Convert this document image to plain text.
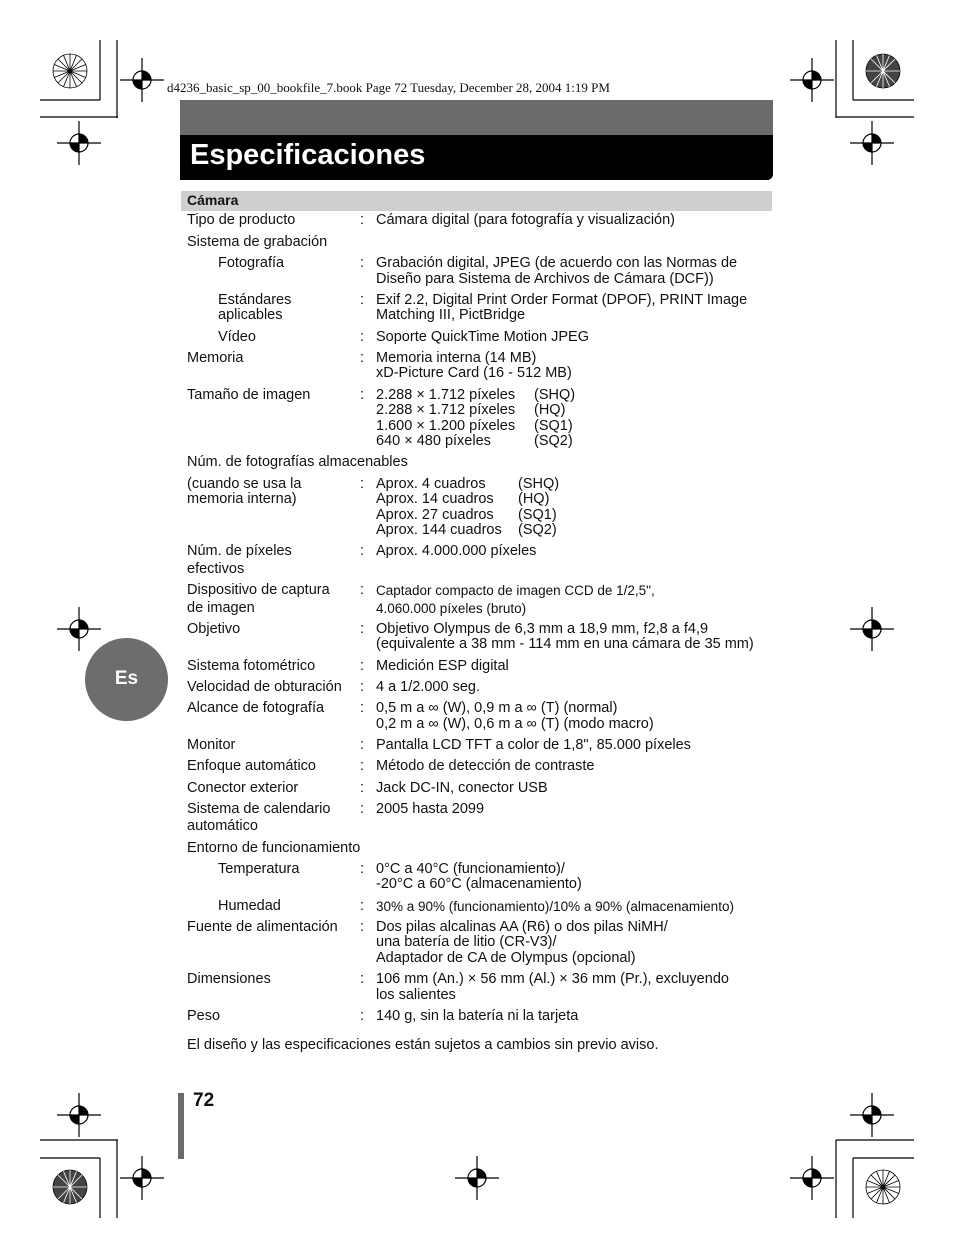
d4236_basic_sp_00_bookfile_7.book Page 72 Tuesday, December 28, 2004 1:19 PM
Especificaciones
Cámara
Tipo de producto	: Cámara digital (para fotografía y visualización)
Sistema de grabación
Fotografía	: Grabación digital, JPEG (de acuerdo con las Normas de
Diseño para Sistema de Archivos de Cámara (DCF))
Estándares
aplicables
: Exif 2.2, Digital Print Order Format (DPOF), PRINT Image
Matching III, PictBridge
Vídeo	: Soporte QuickTime Motion JPEG
Memoria	: Memoria interna (14 MB)
xD-Picture Card (16 - 512 MB)
Tamaño de imagen	: 2.288 × 1.712 píxeles (SHQ)
2.288 × 1.712 píxeles (HQ)
1.600 × 1.200 píxeles (SQ1)
640 × 480 píxeles	(SQ2)
Núm. de fotografías almacenables
(cuando se usa la
memoria interna)
: Aprox. 4 cuadros (SHQ)
Aprox. 14 cuadros (HQ)
Aprox. 27 cuadros (SQ1)
Aprox. 144 cuadros (SQ2)
Núm. de píxeles
efectivos
: Aprox. 4.000.000 píxeles
Dispositivo de captura
de imagen
: Captador compacto de imagen CCD de 1/2,5",
4.060.000 píxeles (bruto)
Objetivo	: Objetivo Olympus de 6,3 mm a 18,9 mm, f2,8 a f4,9
(equivalente a 38 mm - 114 mm en una cámara de 35 mm)
Sistema fotométrico	: Medición ESP digital
Velocidad de obturación : 4 a 1/2.000 seg.
Alcance de fotografía : 0,5 m a ∞ (W), 0,9 m a ∞ (T) (normal)
0,2 m a ∞ (W), 0,6 m a ∞ (T) (modo macro)
Monitor	: Pantalla LCD TFT a color de 1,8", 85.000 píxeles
Enfoque automático	: Método de detección de contraste
Conector exterior	: Jack DC-IN, conector USB
Sistema de calendario
automático
: 2005 hasta 2099
Entorno de funcionamiento
Temperatura	: 0°C a 40°C (funcionamiento)/
-20°C a 60°C (almacenamiento)
Humedad	: 30% a 90% (funcionamiento)/10% a 90% (almacenamiento)
Fuente de alimentación : Dos pilas alcalinas AA (R6) o dos pilas NiMH/
una batería de litio (CR-V3)/
Adaptador de CA de Olympus (opcional)
Dimensiones	: 106 mm (An.) × 56 mm (Al.) × 36 mm (Pr.), excluyendo
los salientes
Peso	: 140 g, sin la batería ni la tarjeta
El diseño y las especificaciones están sujetos a cambios sin previo aviso.
Es
72
